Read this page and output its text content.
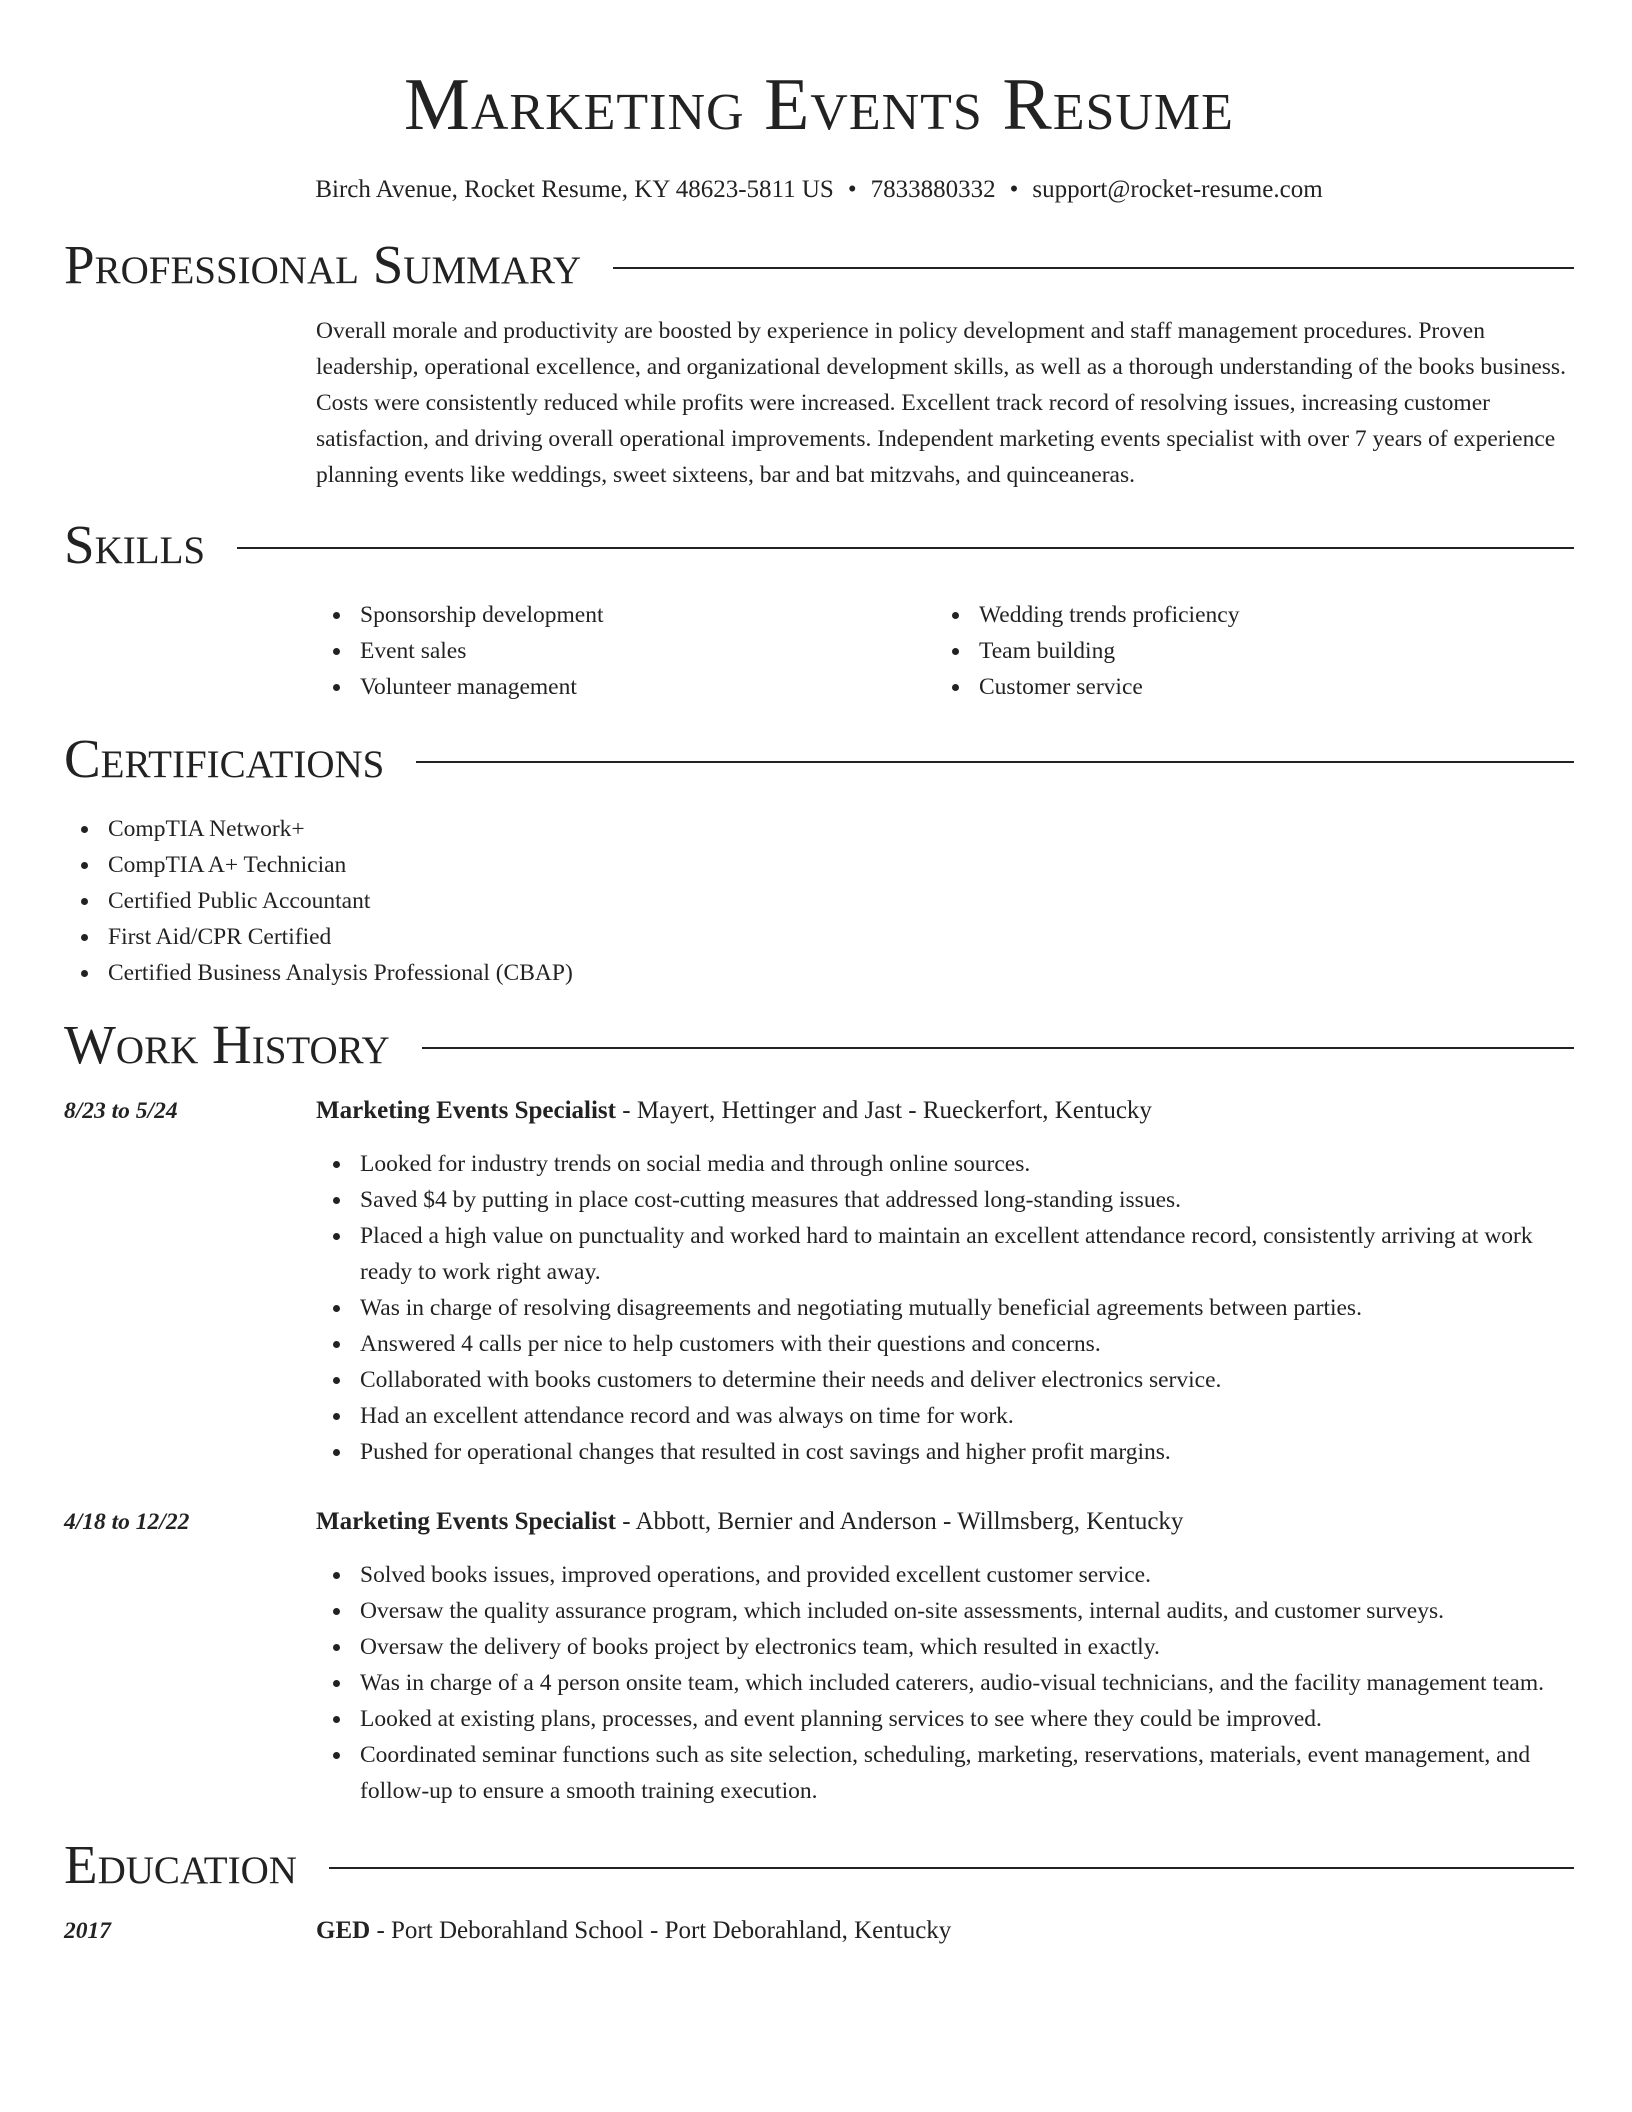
Marketing Events Resume
Birch Avenue, Rocket Resume, KY 48623-5811 US • 7833880332 • support@rocket-resume.com
Professional Summary
Overall morale and productivity are boosted by experience in policy development and staff management procedures. Proven leadership, operational excellence, and organizational development skills, as well as a thorough understanding of the books business. Costs were consistently reduced while profits were increased. Excellent track record of resolving issues, increasing customer satisfaction, and driving overall operational improvements. Independent marketing events specialist with over 7 years of experience planning events like weddings, sweet sixteens, bar and bat mitzvahs, and quinceaneras.
Skills
Sponsorship development
Event sales
Volunteer management
Wedding trends proficiency
Team building
Customer service
Certifications
CompTIA Network+
CompTIA A+ Technician
Certified Public Accountant
First Aid/CPR Certified
Certified Business Analysis Professional (CBAP)
Work History
8/23 to 5/24	Marketing Events Specialist - Mayert, Hettinger and Jast - Rueckerfort, Kentucky
Looked for industry trends on social media and through online sources.
Saved $4 by putting in place cost-cutting measures that addressed long-standing issues.
Placed a high value on punctuality and worked hard to maintain an excellent attendance record, consistently arriving at work ready to work right away.
Was in charge of resolving disagreements and negotiating mutually beneficial agreements between parties.
Answered 4 calls per nice to help customers with their questions and concerns.
Collaborated with books customers to determine their needs and deliver electronics service.
Had an excellent attendance record and was always on time for work.
Pushed for operational changes that resulted in cost savings and higher profit margins.
4/18 to 12/22	Marketing Events Specialist - Abbott, Bernier and Anderson - Willmsberg, Kentucky
Solved books issues, improved operations, and provided excellent customer service.
Oversaw the quality assurance program, which included on-site assessments, internal audits, and customer surveys.
Oversaw the delivery of books project by electronics team, which resulted in exactly.
Was in charge of a 4 person onsite team, which included caterers, audio-visual technicians, and the facility management team.
Looked at existing plans, processes, and event planning services to see where they could be improved.
Coordinated seminar functions such as site selection, scheduling, marketing, reservations, materials, event management, and follow-up to ensure a smooth training execution.
Education
2017	GED - Port Deborahland School - Port Deborahland, Kentucky
